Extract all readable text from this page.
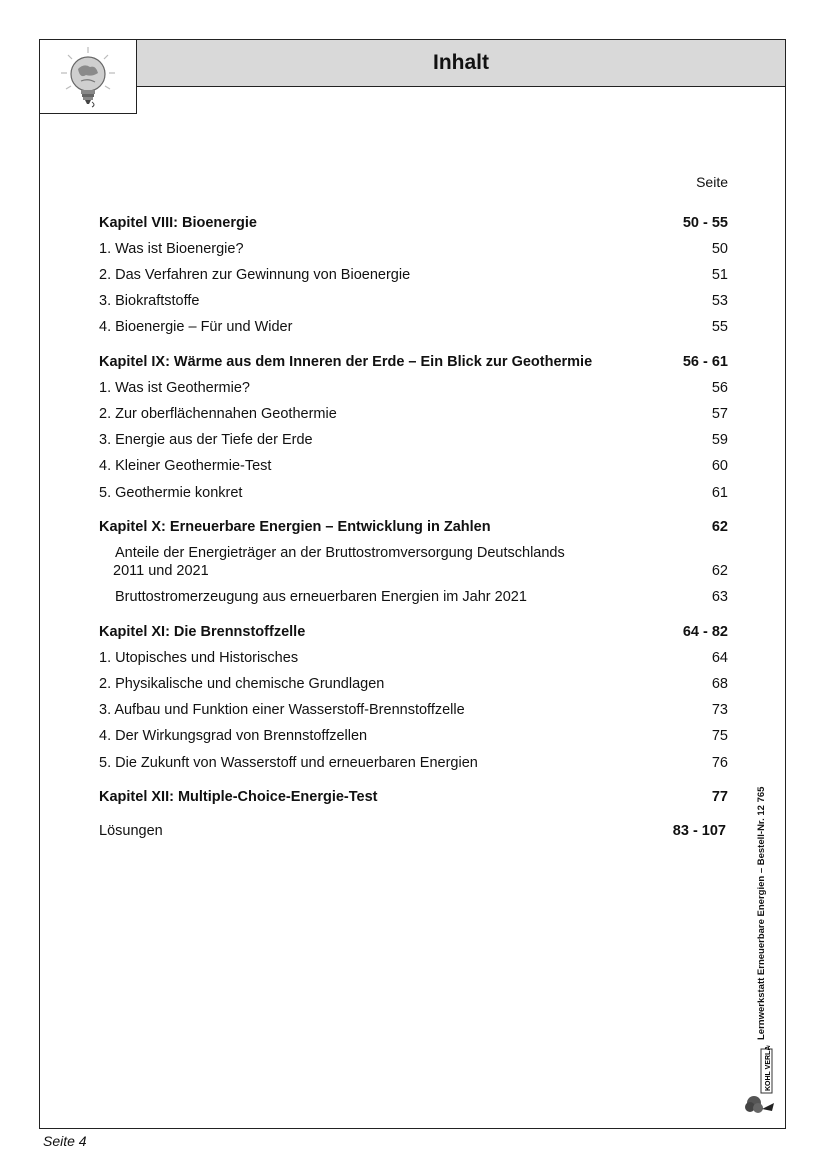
Inhalt
Seite
Kapitel VIII: Bioenergie	50 - 55
1. Was ist Bioenergie?	50
2. Das Verfahren zur Gewinnung von Bioenergie	51
3. Biokraftstoffe	53
4. Bioenergie – Für und Wider	55
Kapitel IX: Wärme aus dem Inneren der Erde – Ein Blick zur Geothermie	56 - 61
1. Was ist Geothermie?	56
2. Zur oberflächennahen Geothermie	57
3. Energie aus der Tiefe der Erde	59
4. Kleiner Geothermie-Test	60
5. Geothermie konkret	61
Kapitel X: Erneuerbare Energien – Entwicklung in Zahlen	62
Anteile der Energieträger an der Bruttostromversorgung Deutschlands
2011 und 2021	62
Bruttostromerzeugung aus erneuerbaren Energien im Jahr 2021	63
Kapitel XI: Die Brennstoffzelle	64 - 82
1. Utopisches und Historisches	64
2. Physikalische und chemische Grundlagen	68
3. Aufbau und Funktion einer Wasserstoff-Brennstoffzelle	73
4. Der Wirkungsgrad von Brennstoffzellen	75
5. Die Zukunft von Wasserstoff und erneuerbaren Energien	76
Kapitel XII: Multiple-Choice-Energie-Test	77
Lösungen	83 - 107	Lernwerkstatt Erneuerbare Energien – Bestell-Nr. 12 765
KOHL VERLAG
Seite 4
